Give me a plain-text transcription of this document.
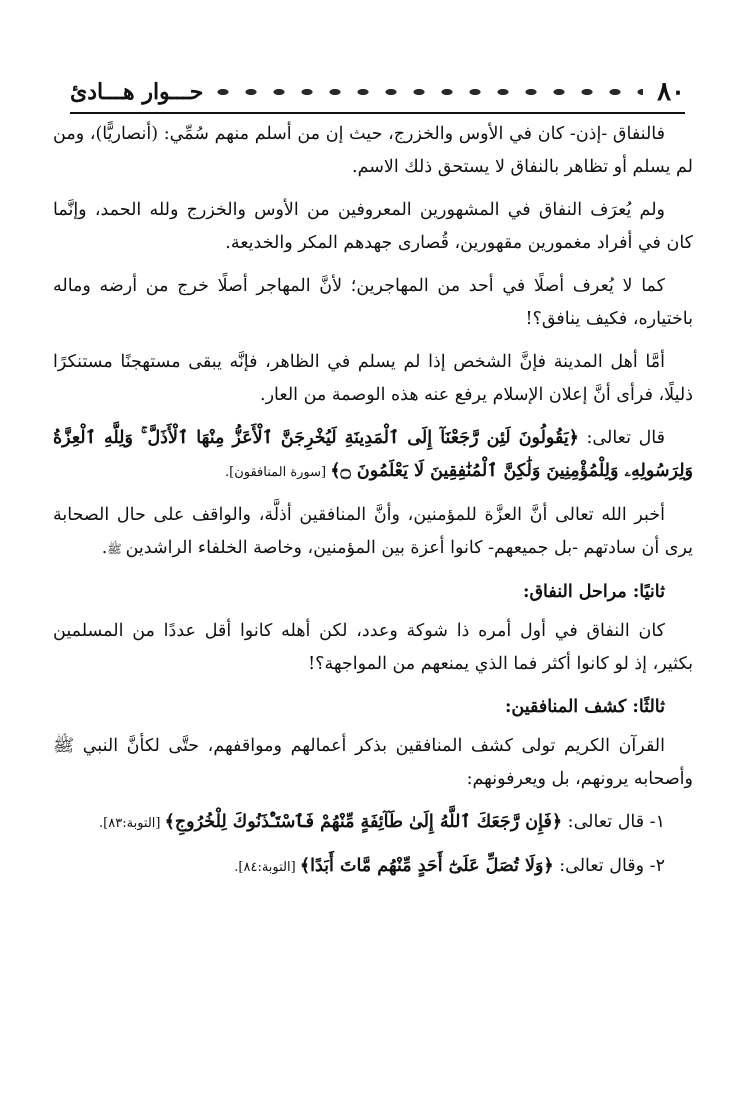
٨٠
حـــوار هـــادئ

فالنفاق -إذن- كان في الأوس والخزرج، حيث إن من أسلم منهم سُمِّي: (أنصاريًّا)، ومن لم يسلم أو تظاهر بالنفاق لا يستحق ذلك الاسم.

ولم يُعرَف النفاق في المشهورين المعروفين من الأوس والخزرج ولله الحمد، وإنَّما كان في أفراد مغمورين مقهورين، قُصارى جهدهم المكر والخديعة.

كما لا يُعرف أصلًا في أحد من المهاجرين؛ لأنَّ المهاجر أصلًا خرج من أرضه وماله باختياره، فكيف ينافق؟!

أمَّا أهل المدينة فإنَّ الشخص إذا لم يسلم في الظاهر، فإنَّه يبقى مستهجنًا مستنكرًا ذليلًا، فرأى أنَّ إعلان الإسلام يرفع عنه هذه الوصمة من العار.

قال تعالى: ﴿يَقُولُونَ لَئِن رَّجَعْنَآ إِلَى ٱلْمَدِينَةِ لَيُخْرِجَنَّ ٱلْأَعَزُّ مِنْهَا ٱلْأَذَلَّ ۚ وَلِلَّهِ ٱلْعِزَّةُ وَلِرَسُولِهِۦ وَلِلْمُؤْمِنِينَ وَلَٰكِنَّ ٱلْمُنَٰفِقِينَ لَا يَعْلَمُونَ ۝﴾ [سورة المنافقون].

أخبر الله تعالى أنَّ العزَّة للمؤمنين، وأنَّ المنافقين أذلَّة، والواقف على حال الصحابة يرى أن سادتهم -بل جميعهم- كانوا أعزة بين المؤمنين، وخاصة الخلفاء الراشدين ﷺ.

ثانيًا: مراحل النفاق:

كان النفاق في أول أمره ذا شوكة وعدد، لكن أهله كانوا أقل عددًا من المسلمين بكثير، إذ لو كانوا أكثر فما الذي يمنعهم من المواجهة؟!

ثالثًا: كشف المنافقين:

القرآن الكريم تولى كشف المنافقين بذكر أعمالهم ومواقفهم، حتَّى لكأنَّ النبي ﷺ وأصحابه يرونهم، بل ويعرفونهم:

١- قال تعالى: ﴿فَإِن رَّجَعَكَ ٱللَّهُ إِلَىٰ طَآئِفَةٍ مِّنْهُمْ فَٱسْتَـْٔذَنُوكَ لِلْخُرُوجِ﴾ [التوبة:٨٣].

٢- وقال تعالى: ﴿وَلَا تُصَلِّ عَلَىٰٓ أَحَدٍ مِّنْهُم مَّاتَ أَبَدًا﴾ [التوبة:٨٤].
